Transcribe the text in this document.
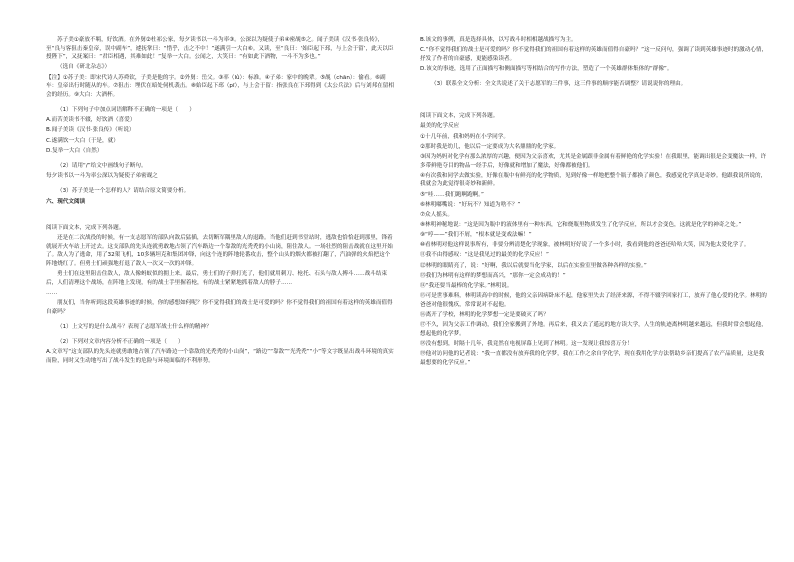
苏子美①豪放不羁，好饮酒。在外舅②杜祁公家，每夕读书以一斗为率③。公深以为疑使子弟④密觇⑤之。闻子美读《汉书·张良传》，至“良与客狙击秦皇帝，误中副车”，遽抚掌曰：“惜乎，击之不中！”遂满引一大白⑥。又读，至“良曰：‘始臣起下邳，与上会于留’，此天以臣授陛下”，又抚案曰：“君臣相遇，其难如此！”复举一大白。公闻之，大笑曰：“有如此下酒物，一斗不为多也。”

（选自《研北杂志》）

【注】①苏子美：即宋代诗人苏舜钦，子美是他的字。②外舅：岳父。③率（lǜ）：标准。④子弟：家中的晚辈。⑤觇（chān）：偷看。⑥副车：皇帝出行时随从的车。⑦狙击：埋伏在暗处伺机袭击。⑧始臣起下邳（pī），与上会于留：指张良在下邳得到《太公兵法》后与刘邦在留相会的经历。⑨大白：大酒杯。

（1）下列句子中加点词语解释不正确的一项是（　　）

A.而苦美读书不辍，好饮酒（喜爱）

B.闻子美读《汉书·张良传》（听说）

C.遂满饮一大白（于是，就）

D.复举一大白（自然）

（2）请用“/”给文中画线句子断句。

每夕读书以一斗为率公深以为疑使子弟密觇之

（3）苏子美是一个怎样的人？请结合原文简要分析。

六、现代文阅读

阅读下面文本，完成下列各题。

还是在二次战役的时候，有一支志愿军的部队向敌后猛插，去切断军隅里敌人的退路。当他们赶到书堂站时，逃敌也恰恰赶到那里，锋着就展开火车站上开过去。这支部队的先头连就勇敢地占领了汽车路边一个靠敌的光秃秃的小山岗，阻住敌人。一场壮烈的阻击战就在这里开始了。敌人为了逃命，用了32架飞机，10多辆坦克和集团冲锋，向这个连的阵地轮番攻击，整个山头的烟火都被打翻了，汽油弹的火焰把这个阵地烧红了。但勇士们顽强地打退了敌人一次又一次的冲锋。

勇士们在这里阻击住敌人，敌人像蚂蚁似的拥上来。最后，勇士们的子弹打光了，他们就用刺刀、枪托、石头与敌人搏斗……战斗结束后，人们清理这个战场，在阵地上发现，有的战士手里握着枪，有的战士紧紧地抓着敌人的脖子……

……

朋友们，当你听到这段英雄事迹的时候，你的感想如何呢？你不觉得我们的战士是可爱的吗？你不觉得我们的祖国有着这样的英雄而值得自豪吗？

（1）上文写的是什么战斗？表现了志愿军战士什么样的精神？

（2）下列对文章内容分析不正确的一项是（　　）

A.文章写“这支部队的先头连就勇敢地占领了汽车路边一个靠敌的光秃秃的小山岗”，“路边”“靠敌”“光秃秃”“小”等文字既显出战斗环境的真实而险，同时又生动地写出了战斗发生的危险与环境面临的不利形势。

B.该文的事例，真是选择具体，以写战斗时相相越战描写为主。

C.“你不觉得我们的战士是可爱的吗？你不觉得我们的祖国有着这样的英雄而值得自豪吗？”这一反问句，强调了读到英雄事迹时的激动心情，抒发了作者的自豪感，更能感染读者。

D.该文的事迹，选用了正面描写和侧面描写等相结合的写作方法，塑造了一个英雄群体集体的“群像”。

（3）联系全文分析：全文共说述了关于志愿军的三件事，这三件事的顺序能否调整？请说说你的理由。

阅读下面文本，完成下列各题。

最美的化学反应

①十几年前，我和妈妈在小学同学。

②那时我是幼儿，他以后一定要成为大名鼎鼎的化学家。

③因为妈妈对化学有那么浓厚的兴趣，便因为父亲喜欢，尤其是金属跟非金属有着鲜艳的化学实验！在我眼里，能调出很是会变魔法一样，许多带鲜艳夺目的物品一经手后，好像就和增加了魔法，好像都被他们。

④有次我和同学去做实验，好像在瓶中有鲜亮的化学物质，见到好像一样地把整个瓶子都换了颜色，我感觉化学真是奇妙。他跟我说所说的，我就会为此觉得很奇妙和新鲜。

⑤“哇……我们跑啊跑啊。”

⑥林明嘟嘴说：“好玩不？知道为啥不？”

⑦众人摇头。

⑧林明神秘地说：“这是因为瓶中的液体里有一种东西，它和烧瓶里物质发生了化学反应，所以才会变色，这就是化学的神奇之处。”

⑨“哼——”我们不屑，“根本就是变戏法嘛！”

⑩看林明对他这样说事所有，非要分辨清楚化学现象，被林明好好说了一个多小时，我看到他的爸爸还哈哈大笑，因为他太爱化学了。

⑪我不由得感叹：“这是我见过的最美的化学反应！”

⑫林明的眼睛亮了，说：“好啊，我以后就要当化学家，以后在实验室里做各种各样的实验。”

⑬我们为林明有这样的梦想而高兴，“那你一定会成功的！”

⑭“我还要当最棒的化学家。”林明说。

⑮可是世事难料，林明读高中的时候，他的父亲因病卧床不起，他家里失去了经济来源，不得不辍学回家打工，放弃了他心爱的化学。林明的爸爸对他很愧疚，常常说对不起他。

⑯离开了学校，林明的化学梦想一定是要破灭了吗？

⑰不久，因为父亲工作调动，我们全家搬到了外地。再后来，我又去了遥远的地方读大学，人生的轨迹离林明越来越远，但我时常会想起他，想起他的化学梦。

⑱没有想到，时隔十几年，我竟然在电视屏幕上见到了林明。这一发现让我惊喜万分！

⑲他对访问他的记者说：“我一直都没有放弃我的化学梦，我在工作之余自学化学，现在我用化学方法帮助乡亲们提高了农产品质量，这是我最想要的化学反应。”
